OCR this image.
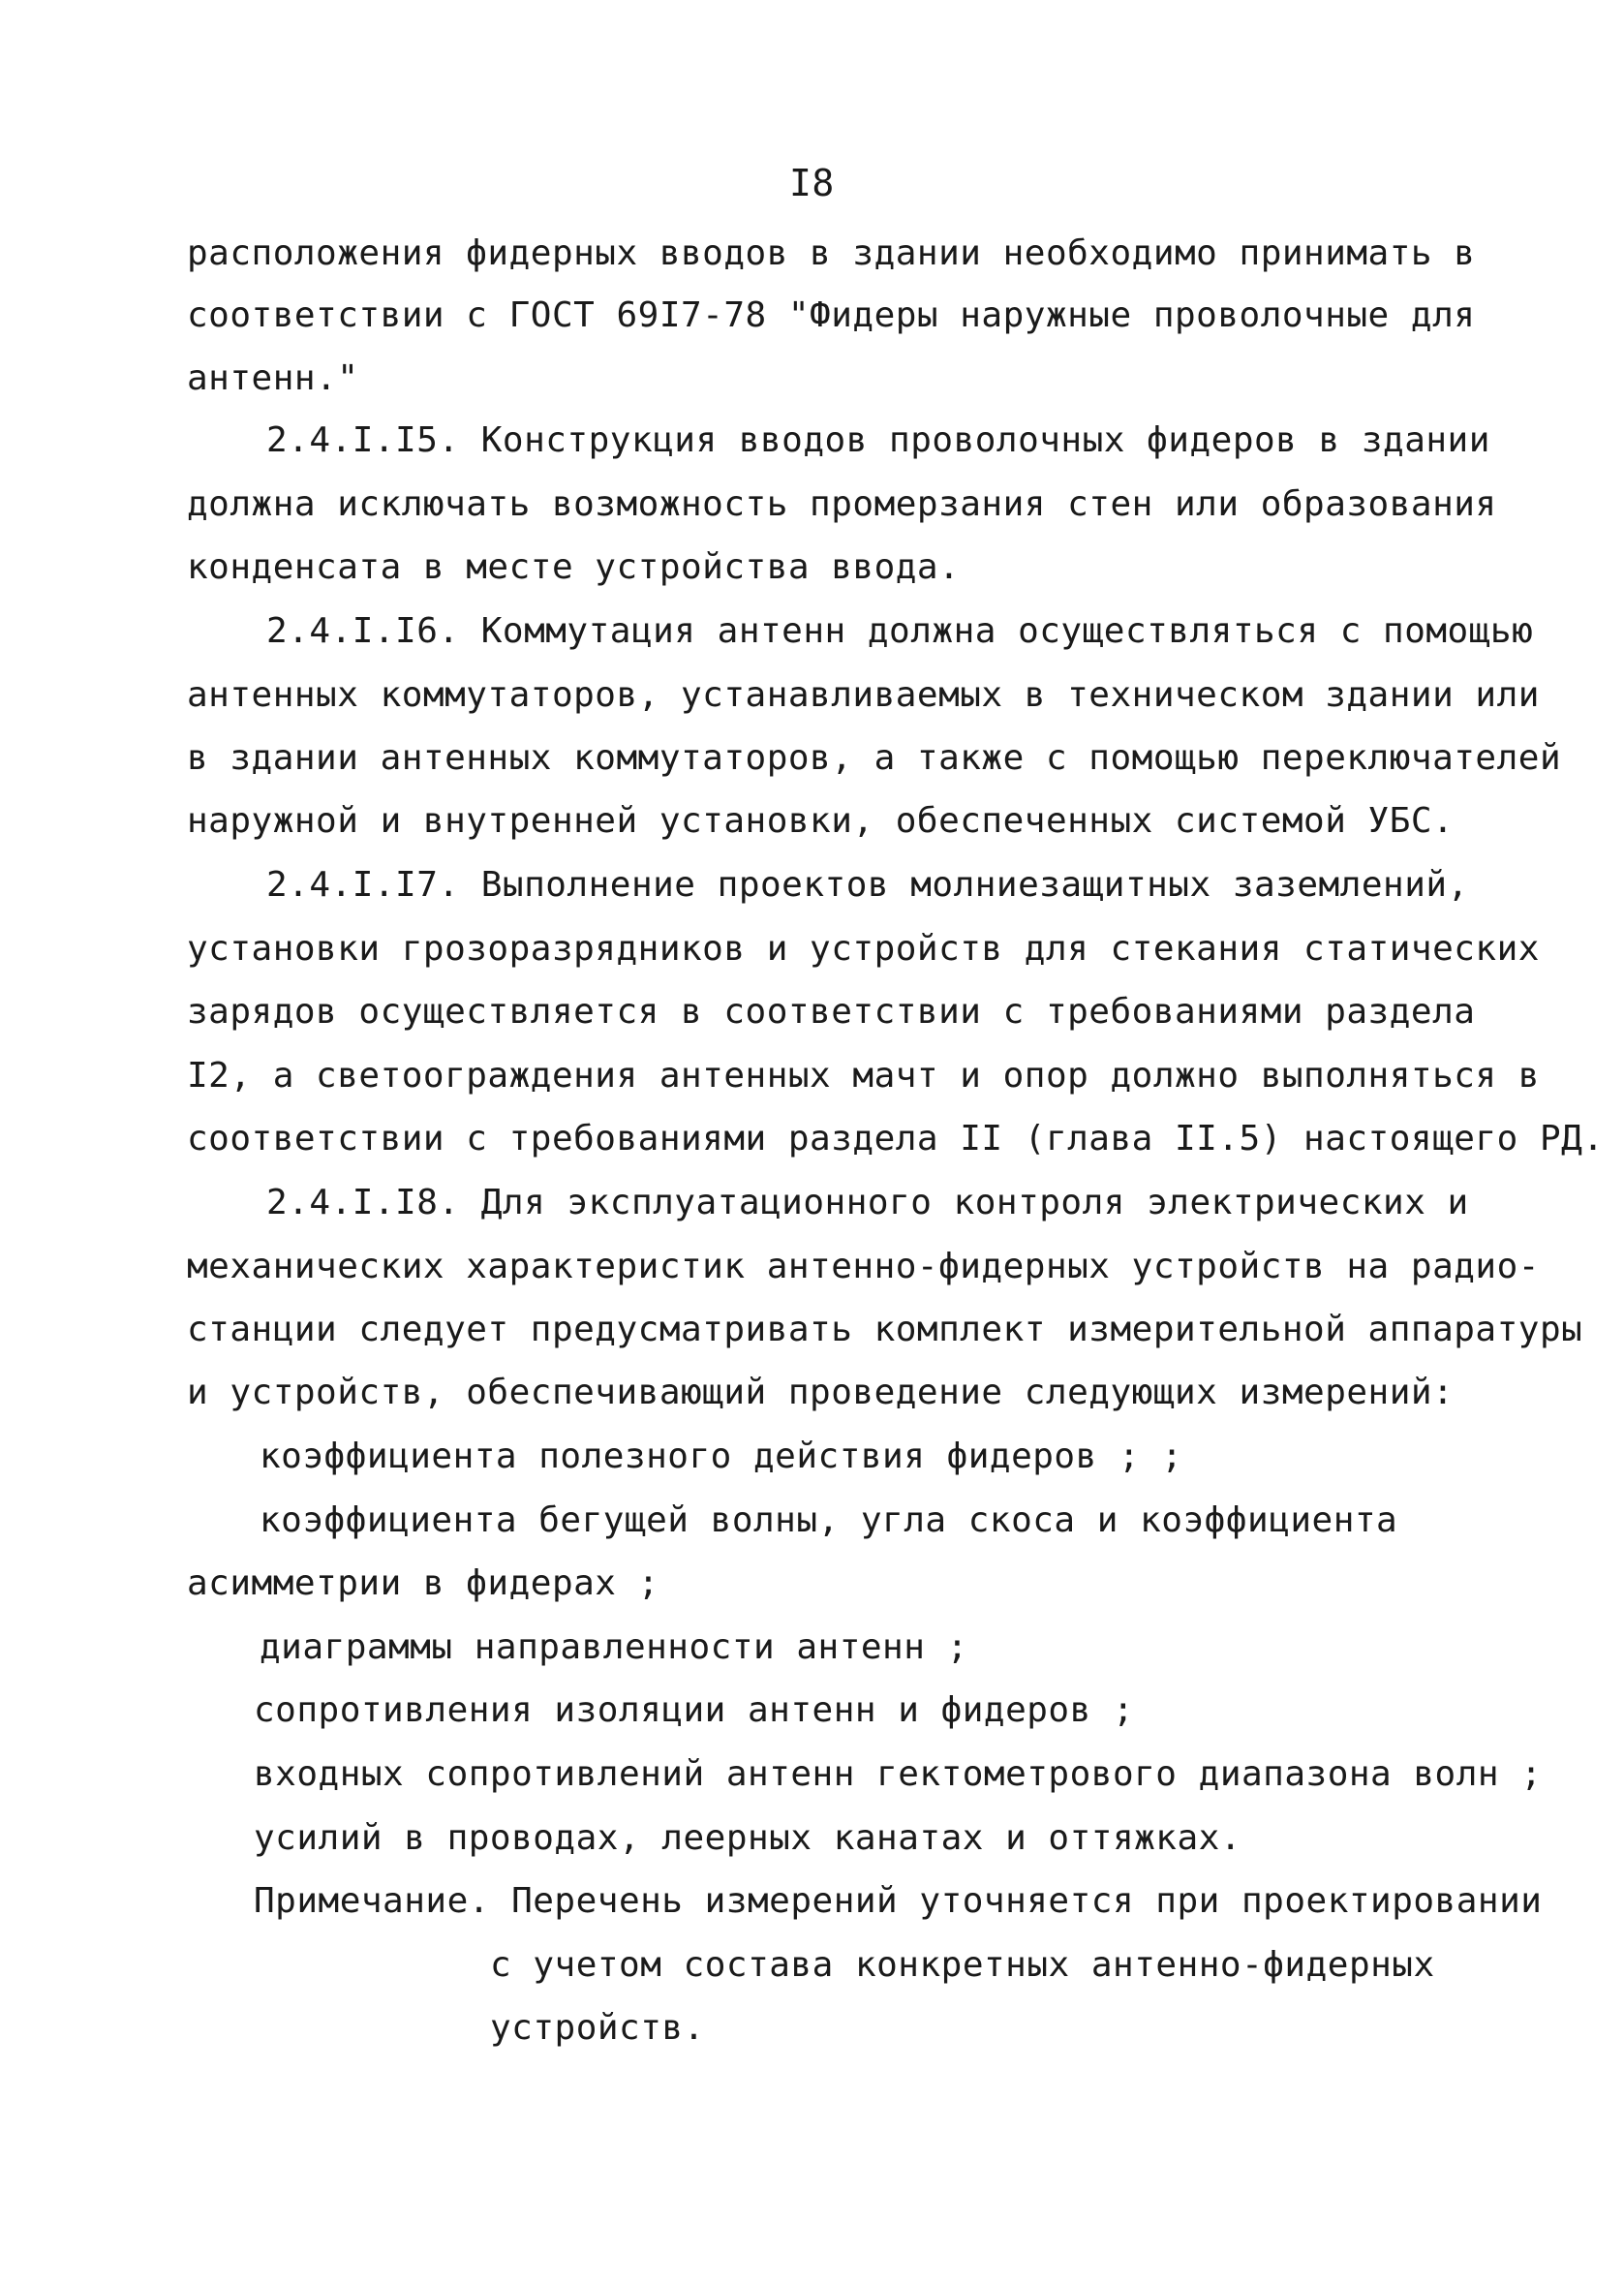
I8
расположения фидерных вводов в здании необходимо принимать в
соответствии с ГОСТ 69I7-78 "Фидеры наружные проволочные для
антенн."
2.4.I.I5. Конструкция вводов проволочных фидеров в здании
должна исключать возможность промерзания стен или образования
конденсата в месте устройства ввода.
2.4.I.I6. Коммутация антенн должна осуществляться с помощью
антенных коммутаторов, устанавливаемых в техническом здании или
в здании антенных коммутаторов, а также с помощью переключателей
наружной и внутренней установки, обеспеченных системой УБС.
2.4.I.I7. Выполнение проектов молниезащитных заземлений,
установки грозоразрядников и устройств для стекания статических
зарядов осуществляется в соответствии с требованиями раздела
I2, а светоограждения антенных мачт и опор должно выполняться в
соответствии с требованиями раздела II (глава II.5) настоящего РД.
2.4.I.I8. Для эксплуатационного контроля электрических и
механических характеристик антенно-фидерных устройств на радио-
станции следует предусматривать комплект измерительной аппаратуры
и устройств, обеспечивающий проведение следующих измерений:
коэффициента полезного действия фидеров ; ;
коэффициента бегущей волны, угла скоса и коэффициента
асимметрии в фидерах ;
диаграммы направленности антенн ;
сопротивления изоляции антенн и фидеров ;
входных сопротивлений антенн гектометрового диапазона волн ;
усилий в проводах, леерных канатах и оттяжках.
Примечание. Перечень измерений уточняется при проектировании
с учетом состава конкретных антенно-фидерных
устройств.
